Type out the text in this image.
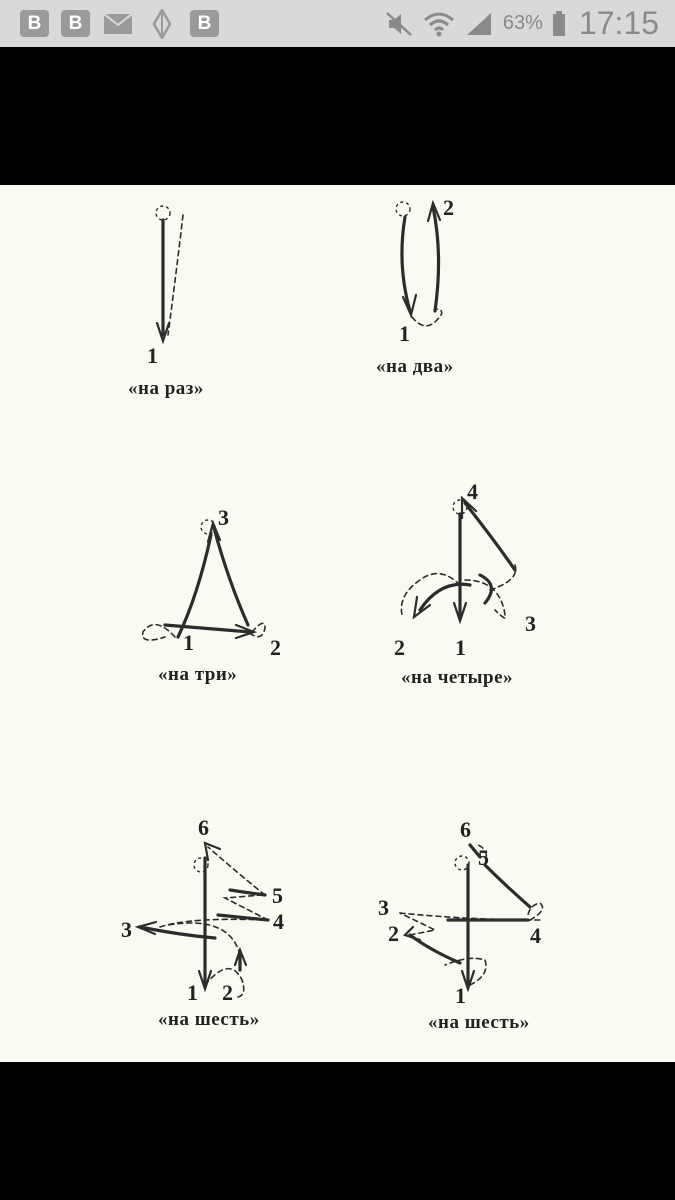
В	В	В	63% 17:15
1
«на раз»
2
1
«на два»
3
1	2
«на три»
4
2 1
3
«на четыре»
6
5
4
3
1 2
«на шесть»
6
5
3
2	4
1
«на шесть»
